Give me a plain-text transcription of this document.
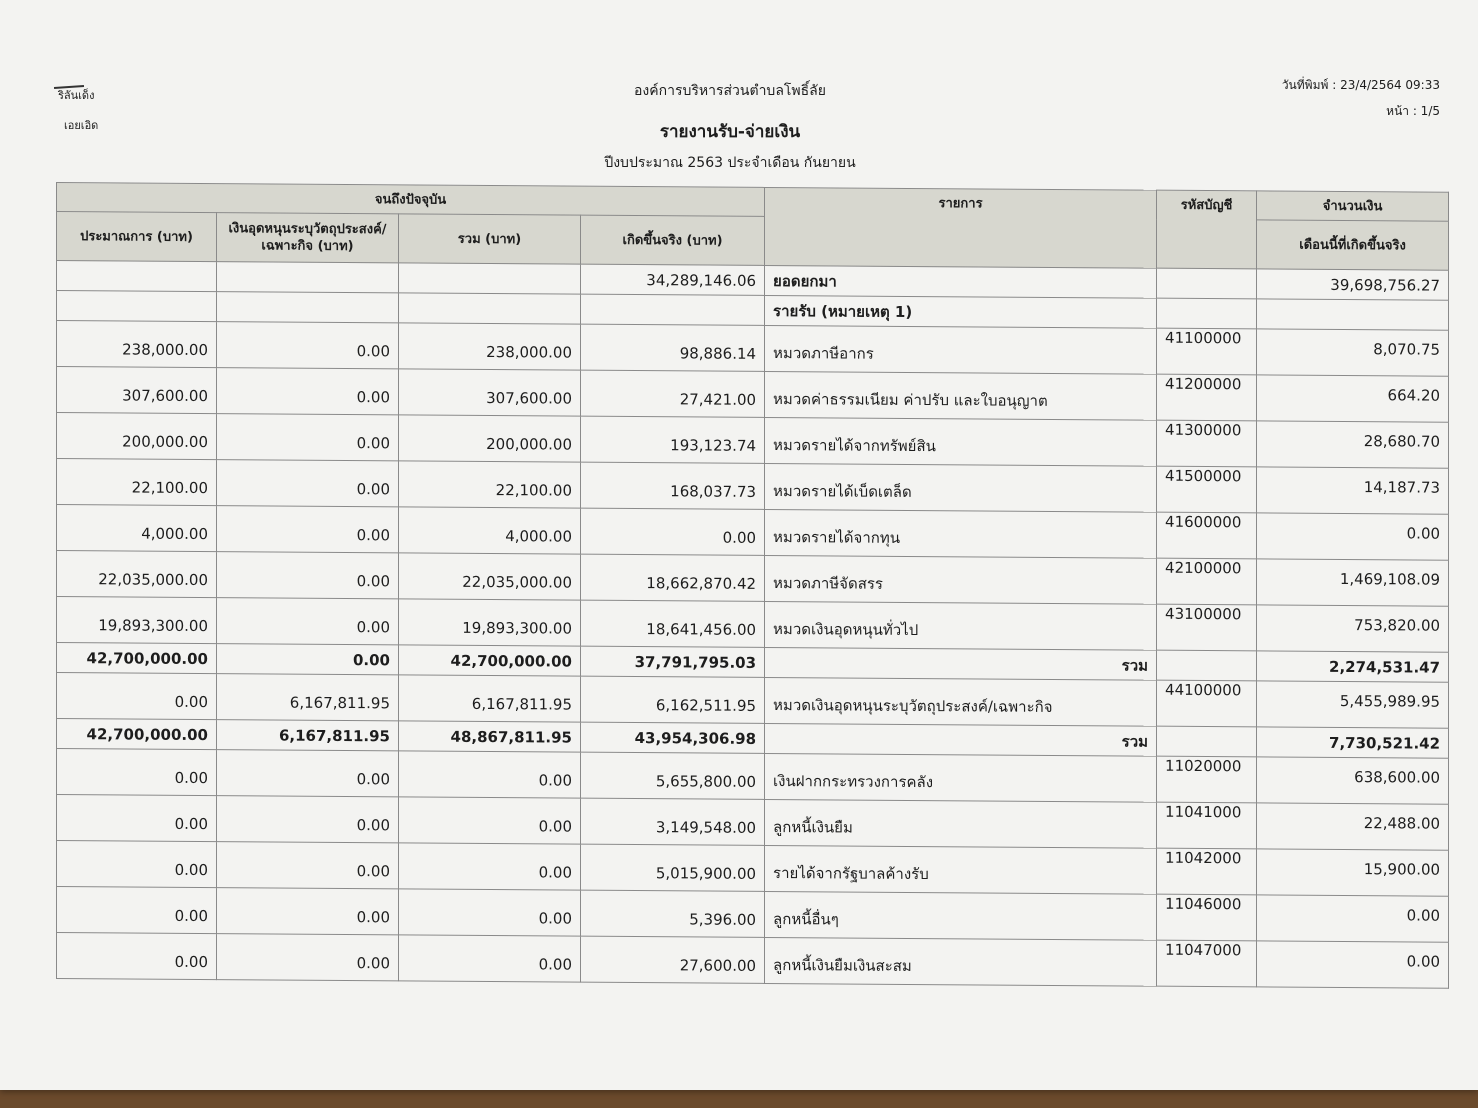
ริลันเด็ง
เอยเอิด
องค์การบริหารส่วนตำบลโพธิ์ลัย
รายงานรับ-จ่ายเงิน
ปีงบประมาณ 2563 ประจำเดือน กันยายน
วันที่พิมพ์ : 23/4/2564 09:33
หน้า : 1/5
จนถึงปัจจุบัน				รายการ	รหัสบัญชี	จำนวนเงิน
ประมาณการ (บาท)	เงินอุดหนุนระบุวัตถุประสงค์/เฉพาะกิจ (บาท)	รวม (บาท)	เกิดขึ้นจริง (บาท)			เดือนนี้ที่เกิดขึ้นจริง
			34,289,146.06	ยอดยกมา		39,698,756.27
				รายรับ (หมายเหตุ 1)		
238,000.00	0.00	238,000.00	98,886.14	หมวดภาษีอากร	41100000	8,070.75
307,600.00	0.00	307,600.00	27,421.00	หมวดค่าธรรมเนียม ค่าปรับ และใบอนุญาต	41200000	664.20
200,000.00	0.00	200,000.00	193,123.74	หมวดรายได้จากทรัพย์สิน	41300000	28,680.70
22,100.00	0.00	22,100.00	168,037.73	หมวดรายได้เบ็ดเตล็ด	41500000	14,187.73
4,000.00	0.00	4,000.00	0.00	หมวดรายได้จากทุน	41600000	0.00
22,035,000.00	0.00	22,035,000.00	18,662,870.42	หมวดภาษีจัดสรร	42100000	1,469,108.09
19,893,300.00	0.00	19,893,300.00	18,641,456.00	หมวดเงินอุดหนุนทั่วไป	43100000	753,820.00
42,700,000.00	0.00	42,700,000.00	37,791,795.03	รวม		2,274,531.47
0.00	6,167,811.95	6,167,811.95	6,162,511.95	หมวดเงินอุดหนุนระบุวัตถุประสงค์/เฉพาะกิจ	44100000	5,455,989.95
42,700,000.00	6,167,811.95	48,867,811.95	43,954,306.98	รวม		7,730,521.42
0.00	0.00	0.00	5,655,800.00	เงินฝากกระทรวงการคลัง	11020000	638,600.00
0.00	0.00	0.00	3,149,548.00	ลูกหนี้เงินยืม	11041000	22,488.00
0.00	0.00	0.00	5,015,900.00	รายได้จากรัฐบาลค้างรับ	11042000	15,900.00
0.00	0.00	0.00	5,396.00	ลูกหนี้อื่นๆ	11046000	0.00
0.00	0.00	0.00	27,600.00	ลูกหนี้เงินยืมเงินสะสม	11047000	0.00
